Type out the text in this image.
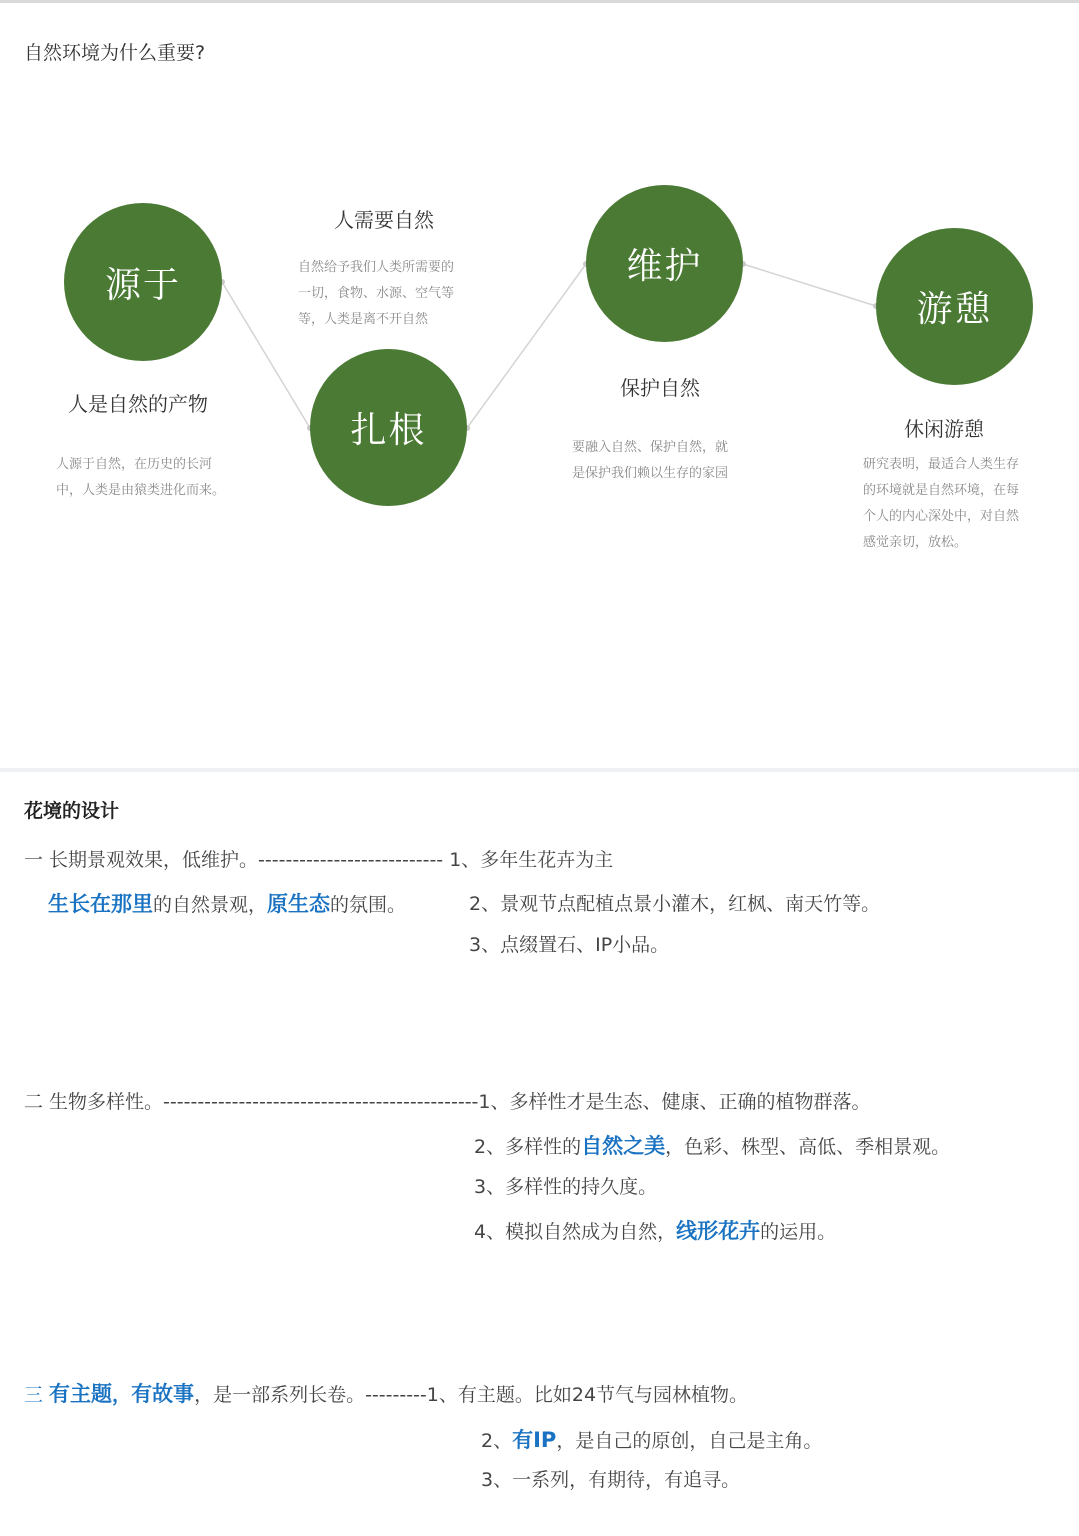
自然环境为什么重要?
源于
人是自然的产物
人源于自然，在历史的长河
中，人类是由猿类进化而来。
人需要自然
自然给予我们人类所需要的
一切，食物、水源、空气等
等，人类是离不开自然
扎根
维护
保护自然
要融入自然、保护自然，就
是保护我们赖以生存的家园
游憩
休闲游憩
研究表明，最适合人类生存
的环境就是自然环境，在每
个人的内心深处中，对自然
感觉亲切，放松。
花境的设计
一 长期景观效果，低维护。--------------------------- 1、多年生花卉为主
生长在那里的自然景观，原生态的氛围。	2、景观节点配植点景小灌木，红枫、南天竹等。
3、点缀置石、IP小品。
二 生物多样性。----------------------------------------------1、多样性才是生态、健康、正确的植物群落。
2、多样性的自然之美，色彩、株型、高低、季相景观。
3、多样性的持久度。
4、模拟自然成为自然，线形花卉的运用。
三 有主题，有故事，是一部系列长卷。---------1、有主题。比如24节气与园林植物。
2、有IP，是自己的原创，自己是主角。
3、一系列，有期待，有追寻。
